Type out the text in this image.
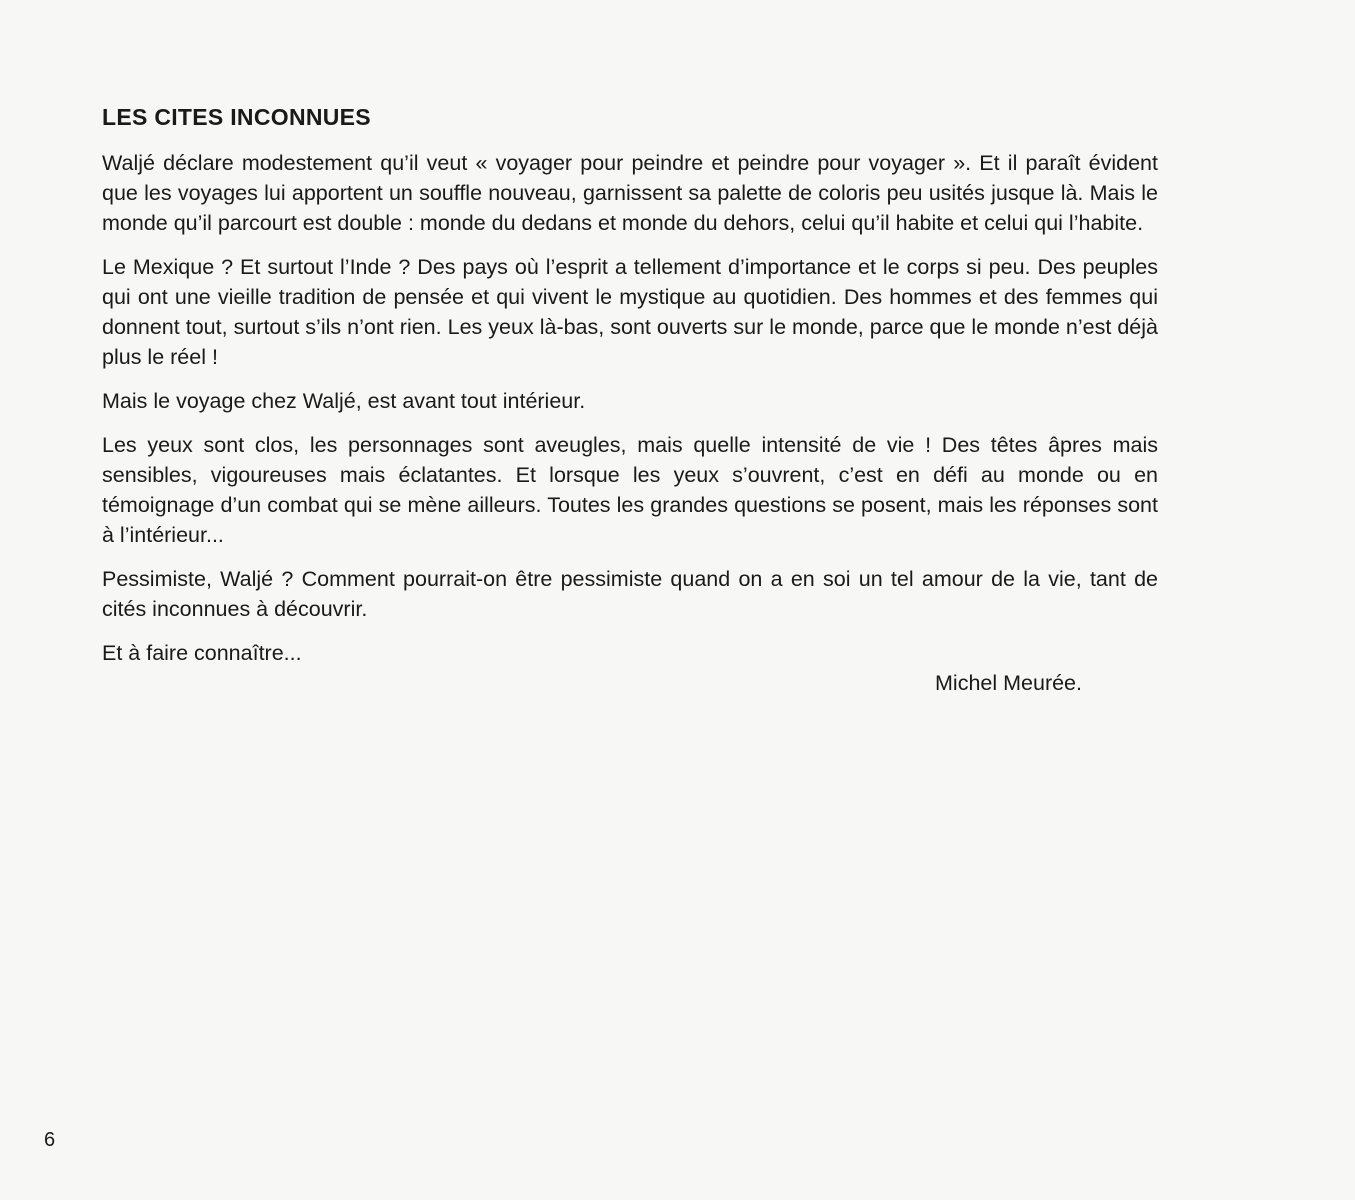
LES CITES INCONNUES

Waljé déclare modestement qu’il veut « voyager pour peindre et peindre pour voyager ». Et il paraît évident que les voyages lui apportent un souffle nouveau, garnissent sa palette de coloris peu usités jusque là. Mais le monde qu’il parcourt est double : monde du dedans et monde du dehors, celui qu’il habite et celui qui l’habite.

Le Mexique ? Et surtout l’Inde ? Des pays où l’esprit a tellement d’importance et le corps si peu. Des peuples qui ont une vieille tradition de pensée et qui vivent le mystique au quotidien. Des hommes et des femmes qui donnent tout, surtout s’ils n’ont rien. Les yeux là-bas, sont ouverts sur le monde, parce que le monde n’est déjà plus le réel !

Mais le voyage chez Waljé, est avant tout intérieur.

Les yeux sont clos, les personnages sont aveugles, mais quelle intensité de vie ! Des têtes âpres mais sensibles, vigoureuses mais éclatantes. Et lorsque les yeux s’ouvrent, c’est en défi au monde ou en témoignage d’un combat qui se mène ailleurs. Toutes les grandes questions se posent, mais les réponses sont à l’intérieur...

Pessimiste, Waljé ? Comment pourrait-on être pessimiste quand on a en soi un tel amour de la vie, tant de cités inconnues à découvrir.

Et à faire connaître...

Michel Meurée.

6
